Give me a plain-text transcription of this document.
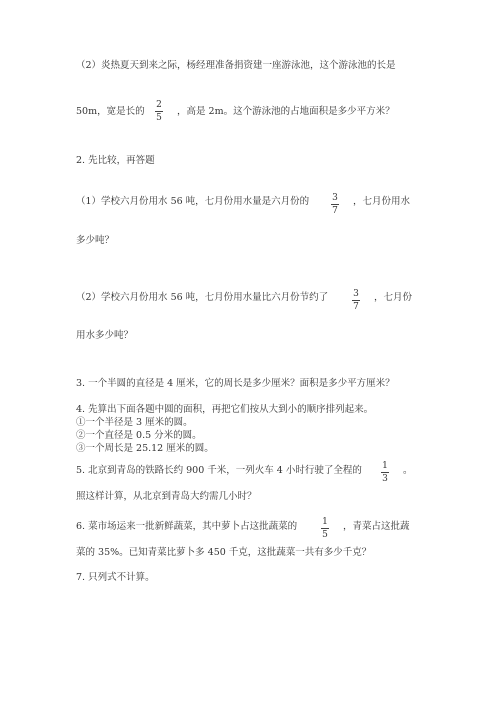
（2）炎热夏天到来之际，杨经理准备捐资建一座游泳池，这个游泳池的长是
50m，宽是长的
2
5
，高是 2m。这个游泳池的占地面积是多少平方米？
2. 先比较，再答题
（1）学校六月份用水 56 吨，七月份用水量是六月份的	3
7
，七月份用水
多少吨？
（2）学校六月份用水 56 吨，七月份用水量比六月份节约了	3
7
，七月份
用水多少吨？
3. 一个半圆的直径是 4 厘米，它的周长是多少厘米？面积是多少平方厘米？
4. 先算出下面各题中圆的面积，再把它们按从大到小的顺序排列起来。
①一个半径是 3 厘米的圆。
②一个直径是 0.5 分米的圆。
③一个周长是 25.12 厘米的圆。
5. 北京到青岛的铁路长约 900 千米，一列火车 4 小时行驶了全程的 1
3
。
照这样计算，从北京到青岛大约需几小时？
6. 菜市场运来一批新鲜蔬菜，其中萝卜占这批蔬菜的	1
5
，青菜占这批蔬
菜的 35%。已知青菜比萝卜多 450 千克，这批蔬菜一共有多少千克？
7. 只列式不计算。
